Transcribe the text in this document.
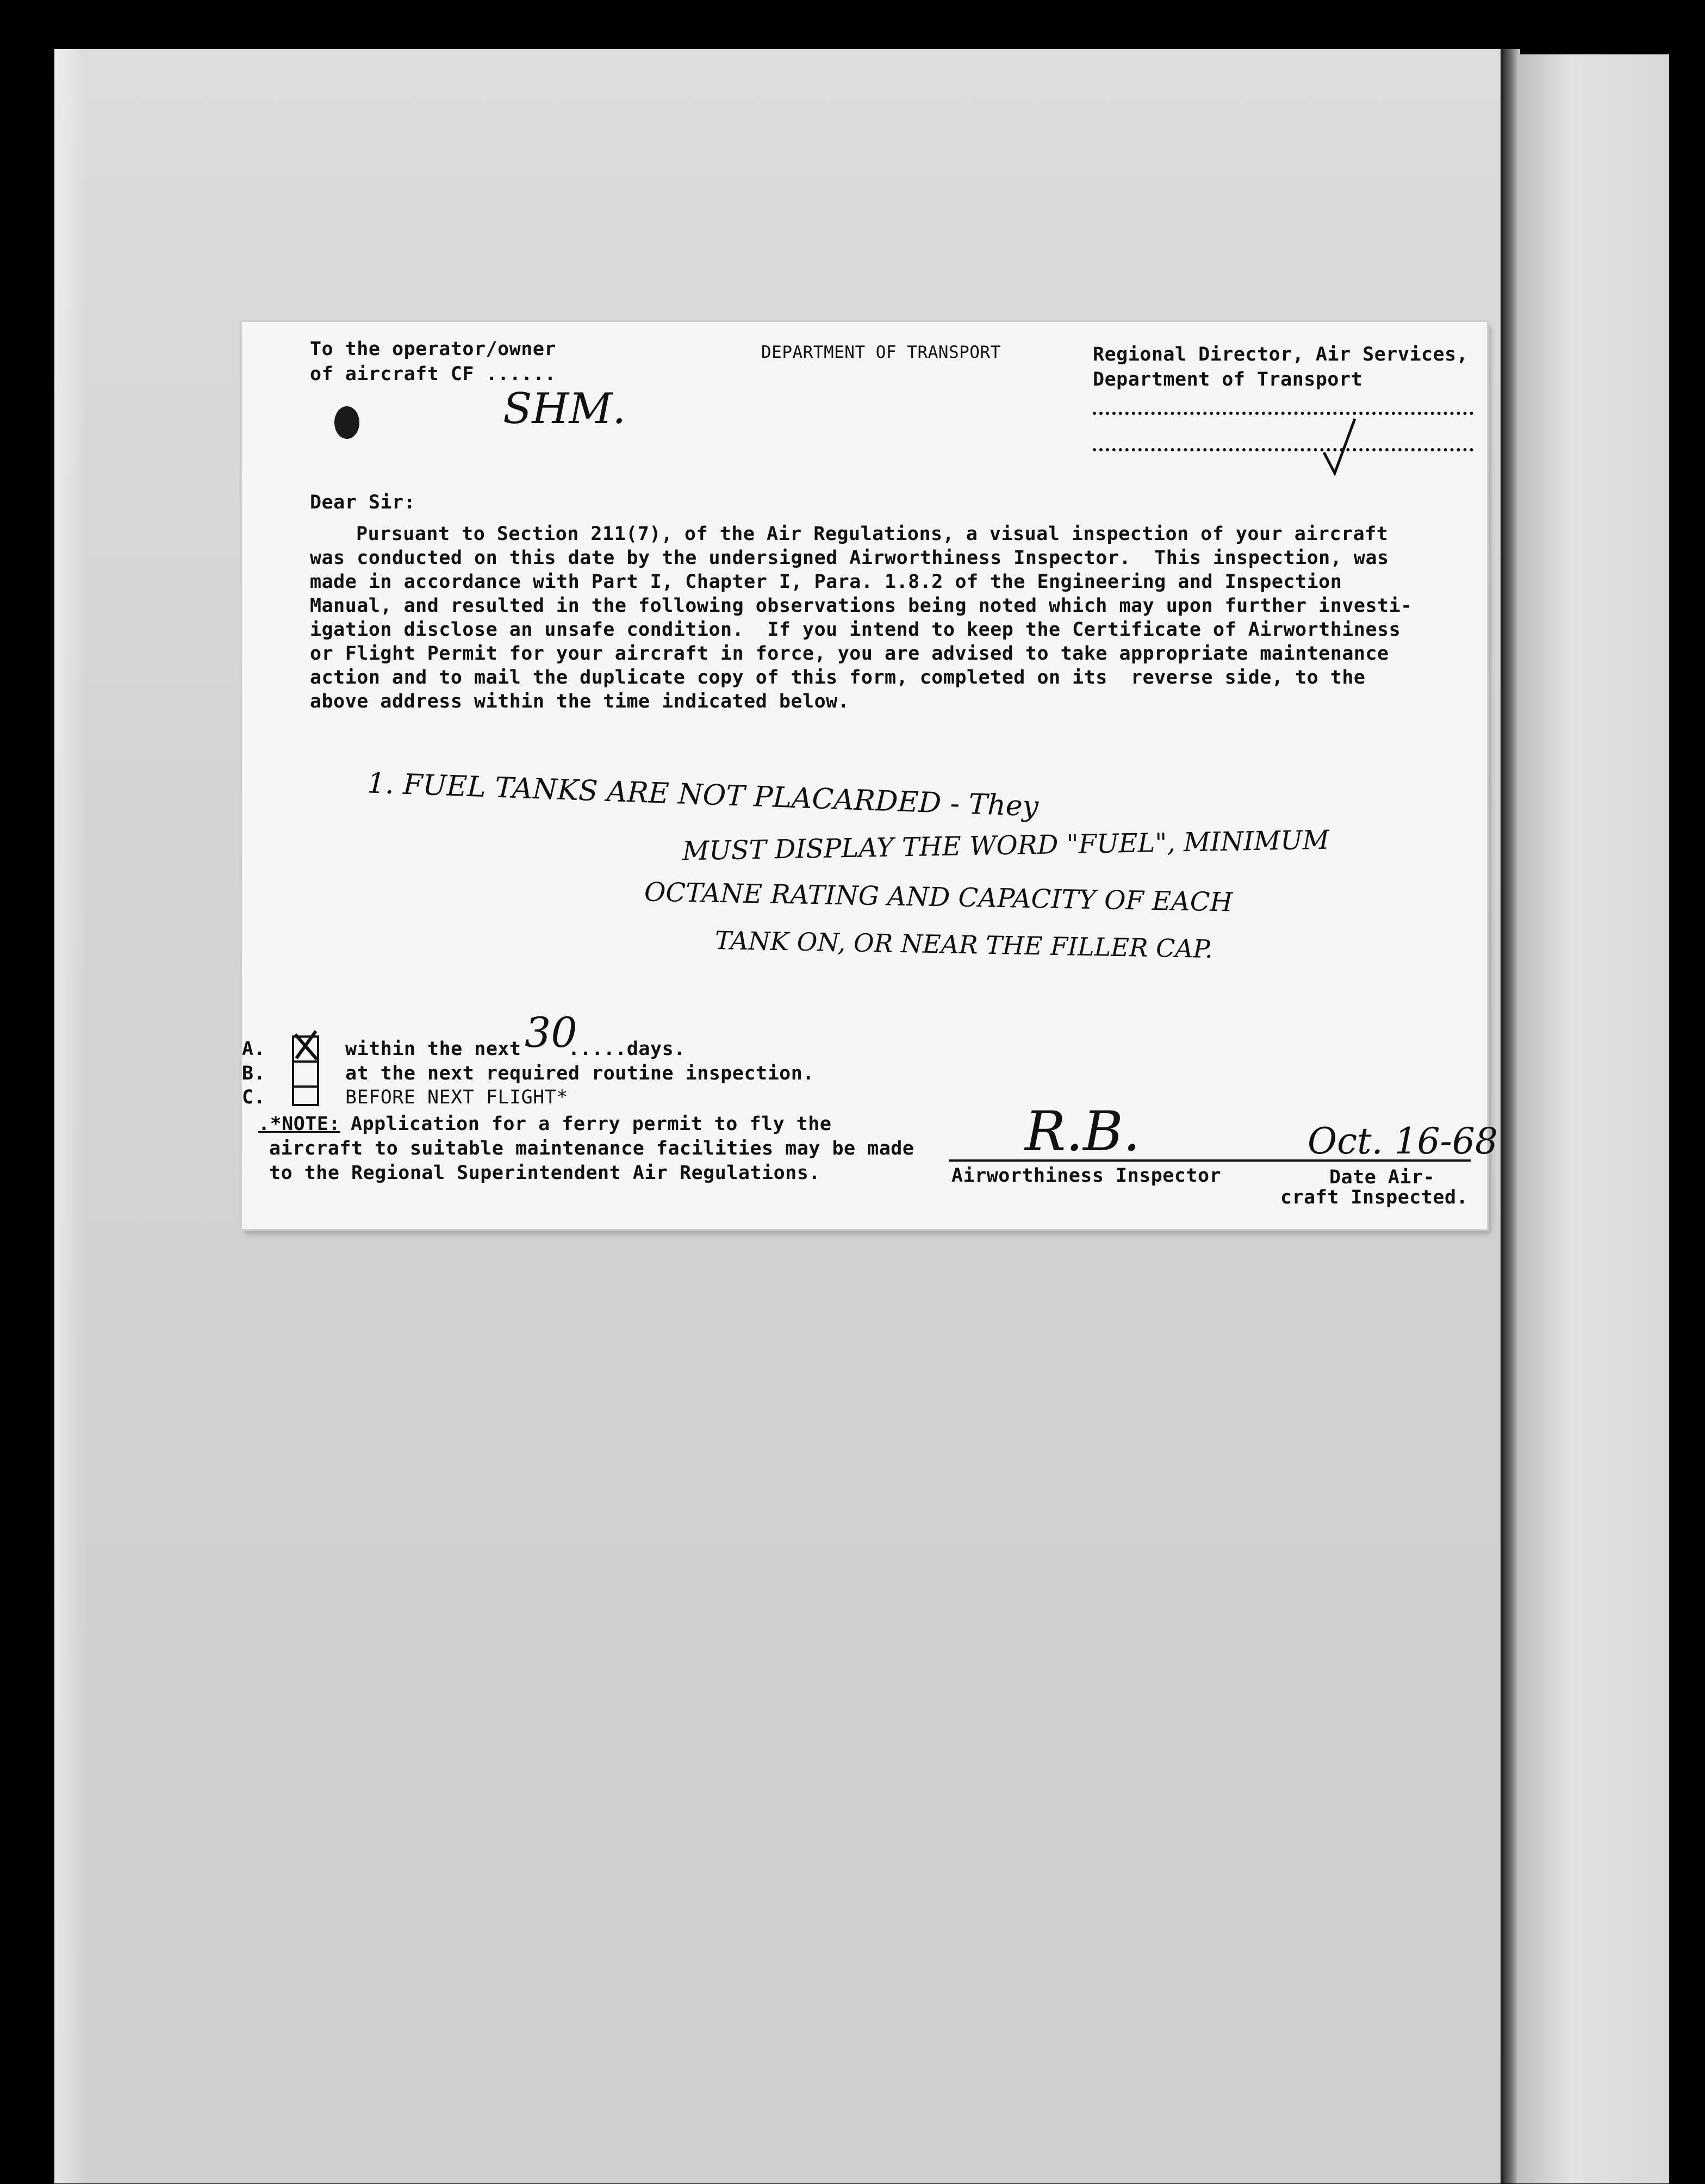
To the operator/owner
of aircraft CF ......
DEPARTMENT OF TRANSPORT	Regional Director, Air Services,
Department of Transport
SHM.
Dear Sir:
Pursuant to Section 211(7), of the Air Regulations, a visual inspection of your aircraft
was conducted on this date by the undersigned Airworthiness Inspector.  This inspection, was
made in accordance with Part I, Chapter I, Para. 1.8.2 of the Engineering and Inspection
Manual, and resulted in the following observations being noted which may upon further investi-
igation disclose an unsafe condition.  If you intend to keep the Certificate of Airworthiness
or Flight Permit for your aircraft in force, you are advised to take appropriate maintenance
action and to mail the duplicate copy of this form, completed on its  reverse side, to the
above address within the time indicated below.
1. FUEL TANKS ARE NOT PLACARDED - They
MUST DISPLAY THE WORD "FUEL", MINIMUM
OCTANE RATING AND CAPACITY OF EACH
TANK ON, OR NEAR THE FILLER CAP.
A.	within the next 30
.....days.
B.	at the next required routine inspection.
C.	BEFORE NEXT FLIGHT*
.*NOTE: Application for a ferry permit to fly the
aircraft to suitable maintenance facilities may be made
to the Regional Superintendent Air Regulations.
R.B.	Oct. 16-68
Airworthiness Inspector	Date Air-
craft Inspected.
